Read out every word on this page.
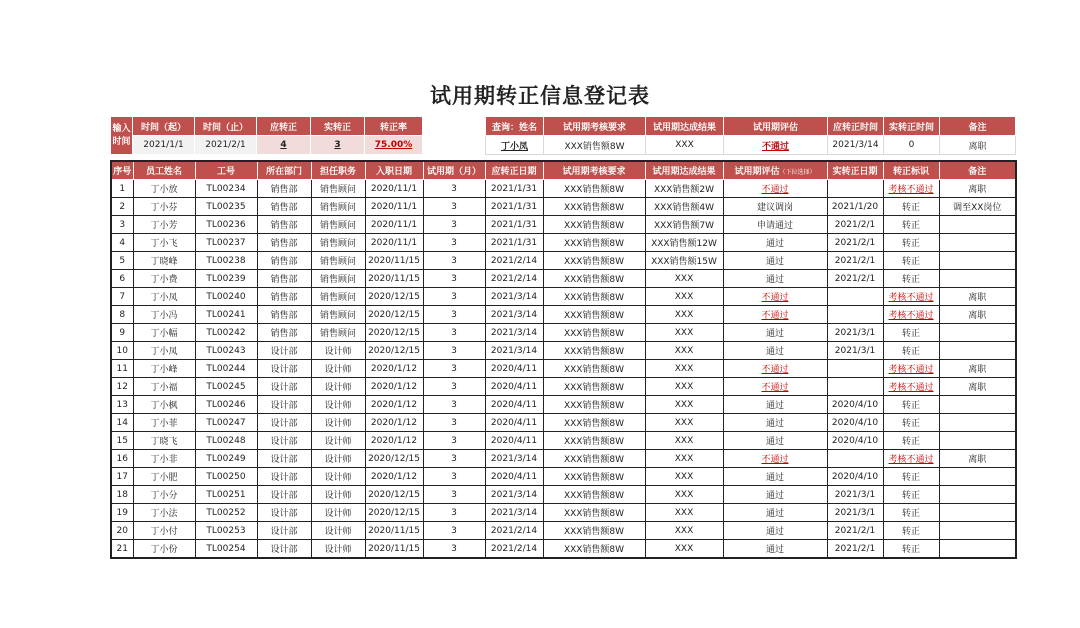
试用期转正信息登记表
输入
时间	时间（起）	时间（止）	应转正	实转正	转正率
	2021/1/1	2021/2/1	4	3	75.00%
查询：姓名	试用期考核要求	试用期达成结果	试用期评估	应转正时间	实转正时间	备注
丁小凤	XXX销售额8W	XXX	不通过	2021/3/14	0	离职
序号	员工姓名	工号	所在部门	担任职务	入职日期	试用期（月）	应转正日期	试用期考核要求	试用期达成结果	试用期评估（下拉选择）	实转正日期	转正标识	备注
1	丁小放	TL00234	销售部	销售顾问	2020/11/1	3	2021/1/31	XXX销售额8W	XXX销售额2W	不通过		考核不通过	离职
2	丁小芬	TL00235	销售部	销售顾问	2020/11/1	3	2021/1/31	XXX销售额8W	XXX销售额4W	建议调岗	2021/1/20	转正	调至XX岗位
3	丁小芳	TL00236	销售部	销售顾问	2020/11/1	3	2021/1/31	XXX销售额8W	XXX销售额7W	申请通过	2021/2/1	转正	
4	丁小飞	TL00237	销售部	销售顾问	2020/11/1	3	2021/1/31	XXX销售额8W	XXX销售额12W	通过	2021/2/1	转正	
5	丁晓峰	TL00238	销售部	销售顾问	2020/11/15	3	2021/2/14	XXX销售额8W	XXX销售额15W	通过	2021/2/1	转正	
6	丁小费	TL00239	销售部	销售顾问	2020/11/15	3	2021/2/14	XXX销售额8W	XXX	通过	2021/2/1	转正	
7	丁小凤	TL00240	销售部	销售顾问	2020/12/15	3	2021/3/14	XXX销售额8W	XXX	不通过		考核不通过	离职
8	丁小冯	TL00241	销售部	销售顾问	2020/12/15	3	2021/3/14	XXX销售额8W	XXX	不通过		考核不通过	离职
9	丁小幅	TL00242	销售部	销售顾问	2020/12/15	3	2021/3/14	XXX销售额8W	XXX	通过	2021/3/1	转正	
10	丁小凤	TL00243	设计部	设计师	2020/12/15	3	2021/3/14	XXX销售额8W	XXX	通过	2021/3/1	转正	
11	丁小峰	TL00244	设计部	设计师	2020/1/12	3	2020/4/11	XXX销售额8W	XXX	不通过		考核不通过	离职
12	丁小福	TL00245	设计部	设计师	2020/1/12	3	2020/4/11	XXX销售额8W	XXX	不通过		考核不通过	离职
13	丁小枫	TL00246	设计部	设计师	2020/1/12	3	2020/4/11	XXX销售额8W	XXX	通过	2020/4/10	转正	
14	丁小菲	TL00247	设计部	设计师	2020/1/12	3	2020/4/11	XXX销售额8W	XXX	通过	2020/4/10	转正	
15	丁晓飞	TL00248	设计部	设计师	2020/1/12	3	2020/4/11	XXX销售额8W	XXX	通过	2020/4/10	转正	
16	丁小非	TL00249	设计部	设计师	2020/12/15	3	2021/3/14	XXX销售额8W	XXX	不通过		考核不通过	离职
17	丁小肥	TL00250	设计部	设计师	2020/1/12	3	2020/4/11	XXX销售额8W	XXX	通过	2020/4/10	转正	
18	丁小分	TL00251	设计部	设计师	2020/12/15	3	2021/3/14	XXX销售额8W	XXX	通过	2021/3/1	转正	
19	丁小法	TL00252	设计部	设计师	2020/12/15	3	2021/3/14	XXX销售额8W	XXX	通过	2021/3/1	转正	
20	丁小付	TL00253	设计部	设计师	2020/11/15	3	2021/2/14	XXX销售额8W	XXX	通过	2021/2/1	转正	
21	丁小份	TL00254	设计部	设计师	2020/11/15	3	2021/2/14	XXX销售额8W	XXX	通过	2021/2/1	转正	
